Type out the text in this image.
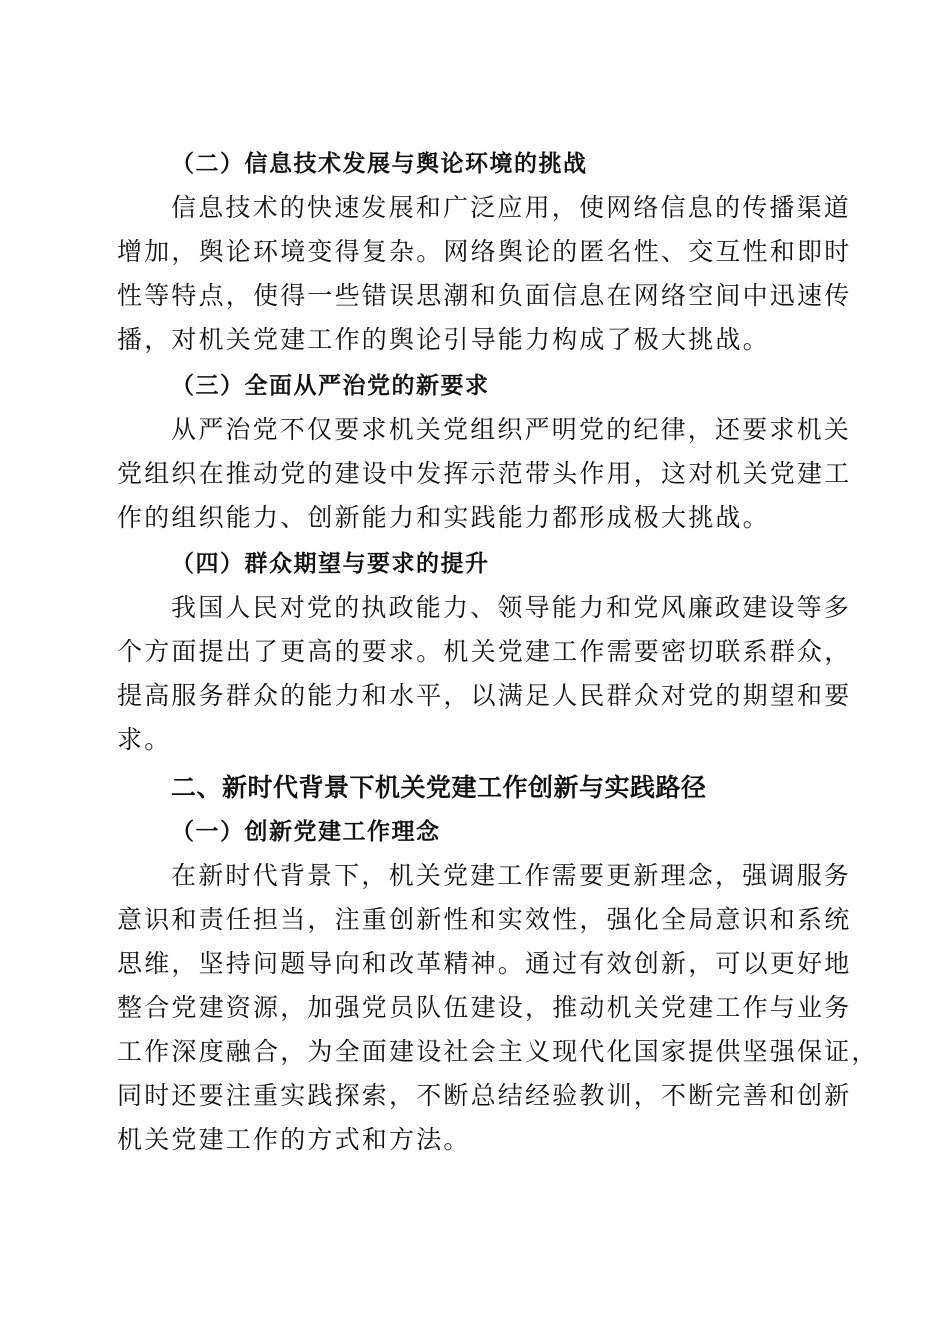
（二）信息技术发展与舆论环境的挑战
信息技术的快速发展和广泛应用，使网络信息的传播渠道
增加，舆论环境变得复杂。网络舆论的匿名性、交互性和即时
性等特点，使得一些错误思潮和负面信息在网络空间中迅速传
播，对机关党建工作的舆论引导能力构成了极大挑战。
（三）全面从严治党的新要求
从严治党不仅要求机关党组织严明党的纪律，还要求机关
党组织在推动党的建设中发挥示范带头作用，这对机关党建工
作的组织能力、创新能力和实践能力都形成极大挑战。
（四）群众期望与要求的提升
我国人民对党的执政能力、领导能力和党风廉政建设等多
个方面提出了更高的要求。机关党建工作需要密切联系群众，
提高服务群众的能力和水平，以满足人民群众对党的期望和要
求。
二、新时代背景下机关党建工作创新与实践路径
（一）创新党建工作理念
在新时代背景下，机关党建工作需要更新理念，强调服务
意识和责任担当，注重创新性和实效性，强化全局意识和系统
思维，坚持问题导向和改革精神。通过有效创新，可以更好地
整合党建资源，加强党员队伍建设，推动机关党建工作与业务
工作深度融合，为全面建设社会主义现代化国家提供坚强保证，
同时还要注重实践探索，不断总结经验教训，不断完善和创新
机关党建工作的方式和方法。
